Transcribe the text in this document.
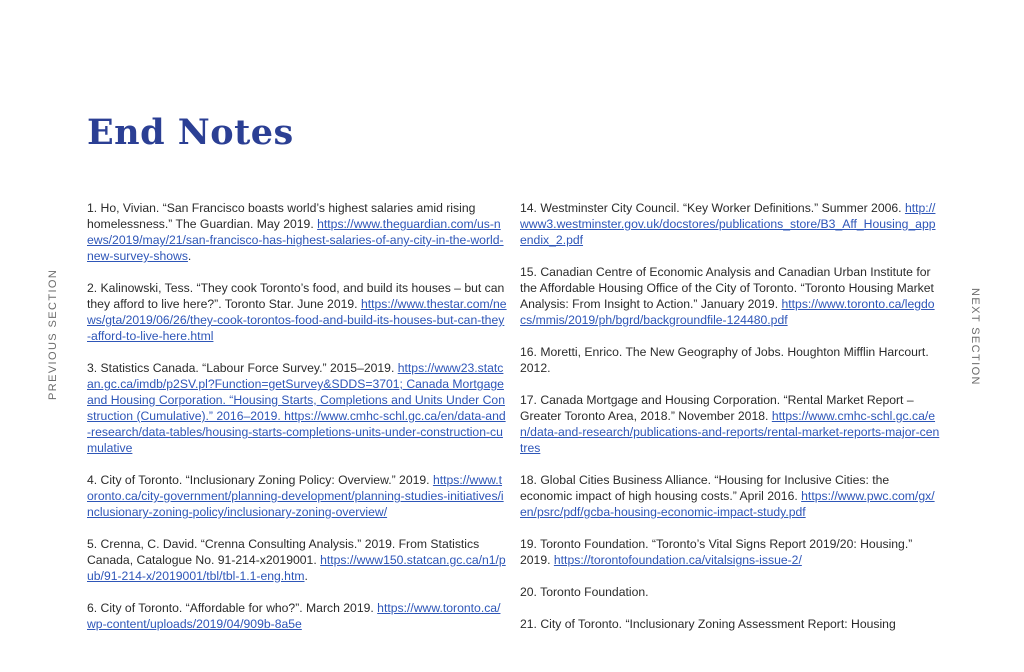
PREVIOUS SECTION	NEXT SECTION
End Notes

1. Ho, Vivian. “San Francisco boasts world’s highest salaries amid rising homelessness.” The Guardian. May 2019. https://www.theguardian.com/us-news/2019/may/21/san-francisco-has-highest-salaries-of-any-city-in-the-world-new-survey-shows.

2. Kalinowski, Tess. “They cook Toronto’s food, and build its houses – but can they afford to live here?”. Toronto Star. June 2019. https://www.thestar.com/news/gta/2019/06/26/they-cook-torontos-food-and-build-its-houses-but-can-they-afford-to-live-here.html

3. Statistics Canada. “Labour Force Survey.” 2015–2019. https://www23.statcan.gc.ca/imdb/p2SV.pl?Function=getSurvey&SDDS=3701; Canada Mortgage and Housing Corporation. “Housing Starts, Completions and Units Under Construction (Cumulative).” 2016–2019. https://www.cmhc-schl.gc.ca/en/data-and-research/data-tables/housing-starts-completions-units-under-construction-cumulative

4. City of Toronto. “Inclusionary Zoning Policy: Overview.” 2019. https://www.toronto.ca/city-government/planning-development/planning-studies-initiatives/inclusionary-zoning-policy/inclusionary-zoning-overview/

5. Crenna, C. David. “Crenna Consulting Analysis.” 2019. From Statistics Canada, Catalogue No. 91-214-x2019001. https://www150.statcan.gc.ca/n1/pub/91-214-x/2019001/tbl/tbl-1.1-eng.htm.

6. City of Toronto. “Affordable for who?”. March 2019. https://www.toronto.ca/wp-content/uploads/2019/04/909b-8a5e

14. Westminster City Council. “Key Worker Definitions.” Summer 2006. http://www3.westminster.gov.uk/docstores/publications_store/B3_Aff_Housing_appendix_2.pdf

15. Canadian Centre of Economic Analysis and Canadian Urban Institute for the Affordable Housing Office of the City of Toronto. “Toronto Housing Market Analysis: From Insight to Action.” January 2019. https://www.toronto.ca/legdocs/mmis/2019/ph/bgrd/backgroundfile-124480.pdf

16. Moretti, Enrico. The New Geography of Jobs. Houghton Mifflin Harcourt. 2012.

17. Canada Mortgage and Housing Corporation. “Rental Market Report – Greater Toronto Area, 2018.” November 2018. https://www.cmhc-schl.gc.ca/en/data-and-research/publications-and-reports/rental-market-reports-major-centres

18. Global Cities Business Alliance. “Housing for Inclusive Cities: the economic impact of high housing costs.” April 2016. https://www.pwc.com/gx/en/psrc/pdf/gcba-housing-economic-impact-study.pdf

19. Toronto Foundation. “Toronto’s Vital Signs Report 2019/20: Housing.” 2019. https://torontofoundation.ca/vitalsigns-issue-2/

20. Toronto Foundation.

21. City of Toronto. “Inclusionary Zoning Assessment Report: Housing
